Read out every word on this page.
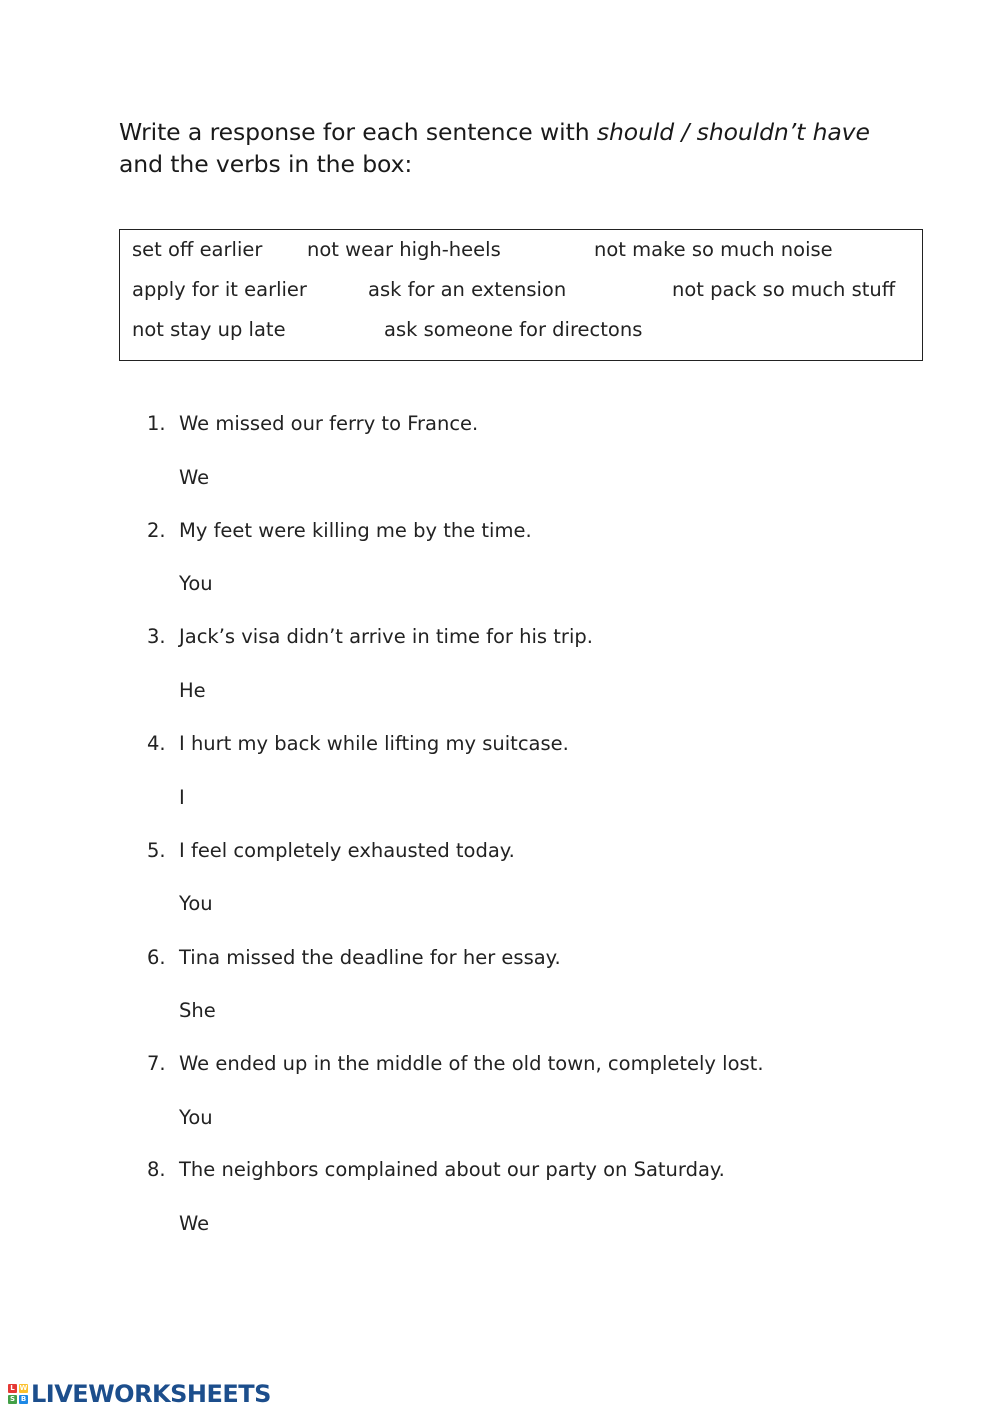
Write a response for each sentence with should / shouldn’t have
and the verbs in the box:
set off earlier not wear high-heels	not make so much noise
apply for it earlier	ask for an extension	not pack so much stuff
not stay up late	ask someone for directons
1. We missed our ferry to France.
We
2. My feet were killing me by the time.
You
3. Jack’s visa didn’t arrive in time for his trip.
He
4. I hurt my back while lifting my suitcase.
I
5. I feel completely exhausted today.
You
6. Tina missed the deadline for her essay.
She
7. We ended up in the middle of the old town, completely lost.
You
8. The neighbors complained about our party on Saturday.
We
L W
S B LIVEWORKSHEETS
